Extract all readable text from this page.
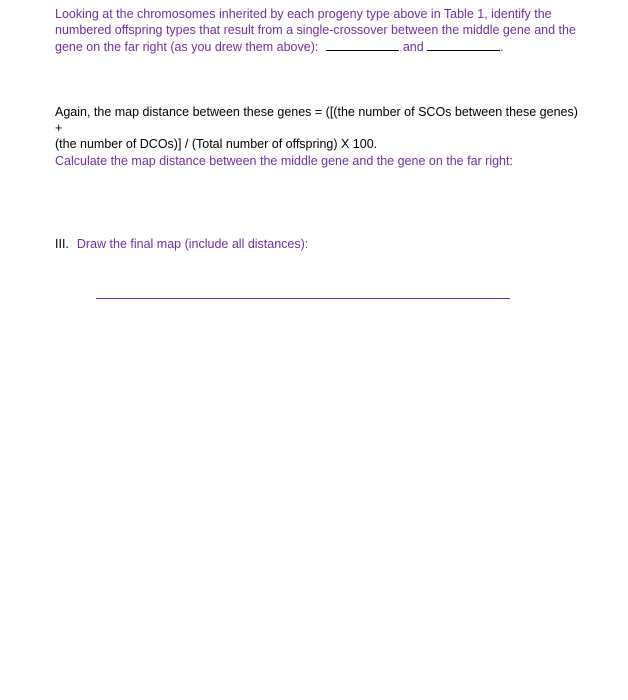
Looking at the chromosomes inherited by each progeny type above in Table 1, identify the
numbered offspring types that result from a single-crossover between the middle gene and the
gene on the far right (as you drew them above):	and	.
Again, the map distance between these genes = ([(the number of SCOs between these genes) +
(the number of DCOs)] / (Total number of offspring) X 100.
Calculate the map distance between the middle gene and the gene on the far right:
III. Draw the final map (include all distances):
